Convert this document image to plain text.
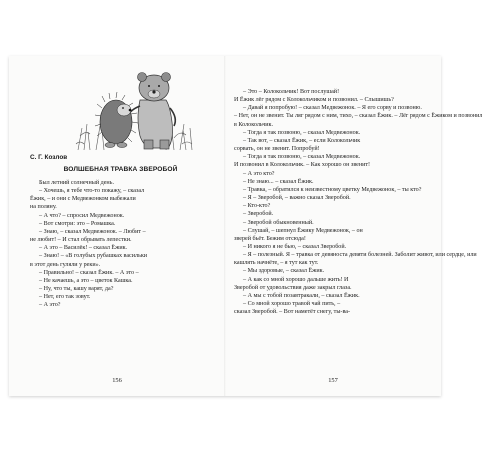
С. Г. Козлов
ВОЛШЕБНАЯ ТРАВКА ЗВЕРОБОЙ
Был летний солнечный день.
– Хочешь, я тебе что-то покажу, – сказал
Ёжик, – и они с Медвежонком выбежали
на поляну.
– А что? – спросил Медвежонок.
– Вот смотри: это – Ромашка.
– Знаю, – сказал Медвежонок. – Любит –
не любит! – И стал обрывать лепестки.
– А это – Василёк! – сказал Ёжик.
– Знаю! – «В голубых рубашках васильки
в этот день гуляли у реки».
– Правильно! – сказал Ёжик. – А это –
– Не качаешь, а это – цветок Кашка.
– Ну, что ты, кашу варят, да?
– Нет, его так зовут.
– А это?
156
– Это – Колокольчик! Вот послушай!
И Ёжик лёг рядом с Колокольчиком и позвонил. – Слышишь?
– Давай я попробую! – сказал Медвежонок. – Я его сорву и позвоню.
– Нет, он не звенит. Ты ляг рядом с ним, тихо, – сказал Ёжик. – Лёг рядом с Ёжиком и позвонил
в Колокольчик.
– Тогда я так позвоню, – сказал Медвежонок.
– Так вот, – сказал Ёжик, – если Колокольчик
сорвать, он не звенит. Попробуй!
– Тогда я так позвоню, – сказал Медвежонок.
И позвонил в Колокольчик. – Как хорошо он звенит!
– А это кто?
– Не знаю... – сказал Ёжик.
– Травка, – обратился к неизвестному цветку Медвежонок, – ты кто?
– Я – Зверобой, – важно сказал Зверобой.
– Кто-кто?
– Зверобой.
– Зверобой обыкновенный.
– Слушай, – шепнул Ёжику Медвежонок, – он
зверей бьёт. Бежим отсюда!
– И никого я не бью, – сказал Зверобой.
– Я – полезный. Я – травка от девяноста девяти болезней. Заболит живот, или сердце, или
кашлять начнёте, – я тут как тут.
– Мы здоровые, – сказал Ёжик.
– А как со мной хорошо дальше жить! И
Зверобой от удовольствия даже закрыл глаза.
– А мы с тобой позавтракали, – сказал Ёжик.
– Со мной хорошо травой чай пить, –
сказал Зверобой. – Вот наметёт снегу, ты-ва-
157
